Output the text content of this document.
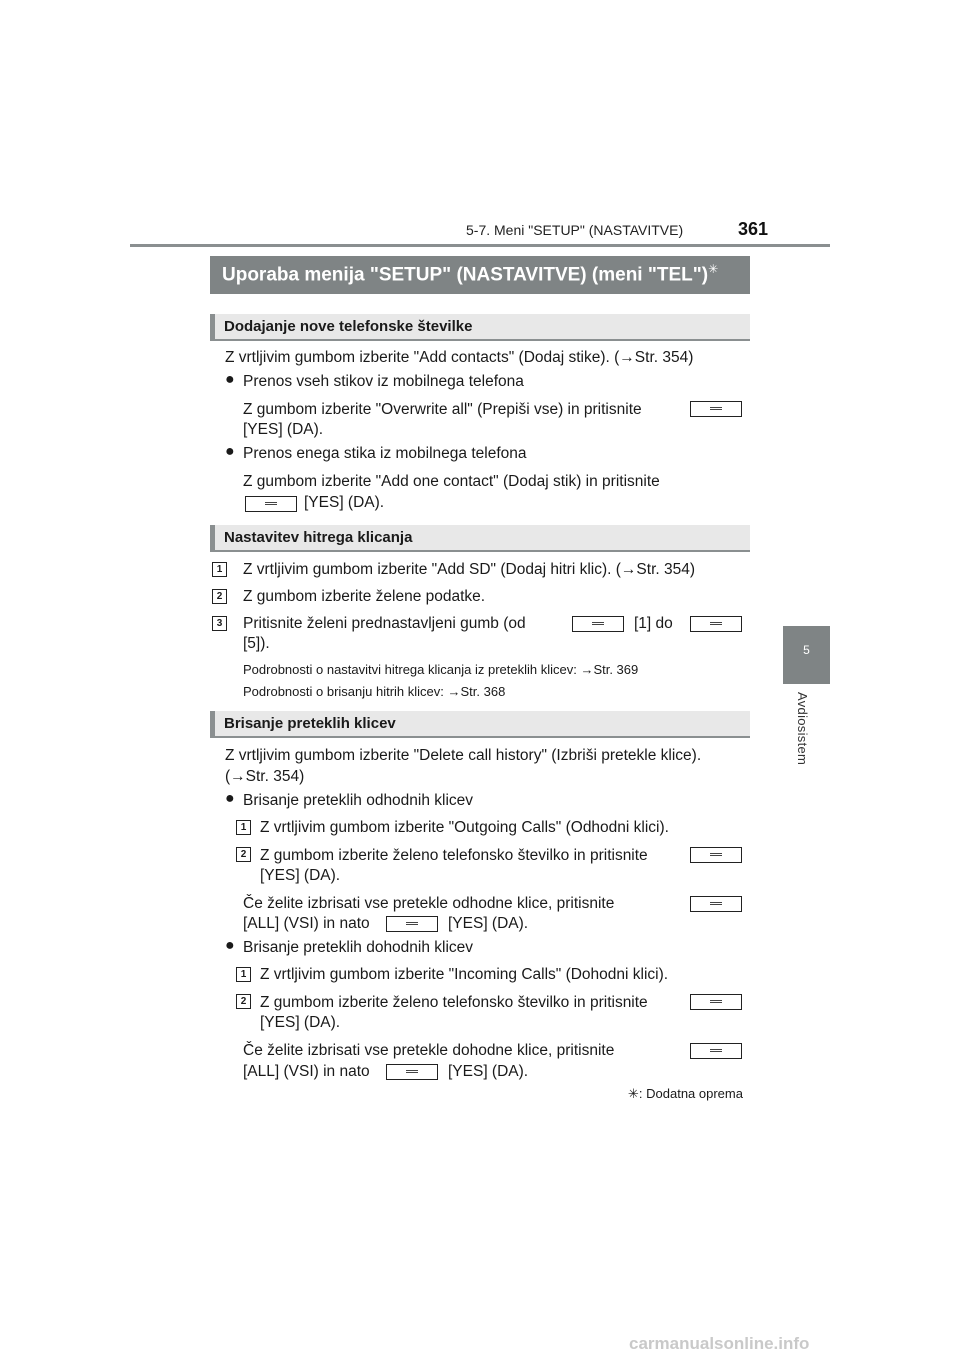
5-7. Meni "SETUP" (NASTAVITVE)	361
5
Avdiosistem
Uporaba menija "SETUP" (NASTAVITVE) (meni "TEL")✳
Dodajanje nove telefonske številke
Z vrtljivim gumbom izberite "Add contacts" (Dodaj stike). (→Str. 354)
● Prenos vseh stikov iz mobilnega telefona
Z gumbom izberite "Overwrite all" (Prepiši vse) in pritisnite
[YES] (DA).
● Prenos enega stika iz mobilnega telefona
Z gumbom izberite "Add one contact" (Dodaj stik) in pritisnite
[YES] (DA).
Nastavitev hitrega klicanja
1	Z vrtljivim gumbom izberite "Add SD" (Dodaj hitri klic). (→Str. 354)
2	Z gumbom izberite želene podatke.
3	Pritisnite želeni prednastavljeni gumb (od	[1] do
[5]).
Podrobnosti o nastavitvi hitrega klicanja iz preteklih klicev: →Str. 369
Podrobnosti o brisanju hitrih klicev: →Str. 368
Brisanje preteklih klicev
Z vrtljivim gumbom izberite "Delete call history" (Izbriši pretekle klice).
(→Str. 354)
● Brisanje preteklih odhodnih klicev
1 Z vrtljivim gumbom izberite "Outgoing Calls" (Odhodni klici).
2 Z gumbom izberite želeno telefonsko številko in pritisnite
[YES] (DA).
Če želite izbrisati vse pretekle odhodne klice, pritisnite
[ALL] (VSI) in nato	[YES] (DA).
● Brisanje preteklih dohodnih klicev
1 Z vrtljivim gumbom izberite "Incoming Calls" (Dohodni klici).
2 Z gumbom izberite želeno telefonsko številko in pritisnite
[YES] (DA).
Če želite izbrisati vse pretekle dohodne klice, pritisnite
[ALL] (VSI) in nato	[YES] (DA).
✳: Dodatna oprema
carmanualsonline.info
